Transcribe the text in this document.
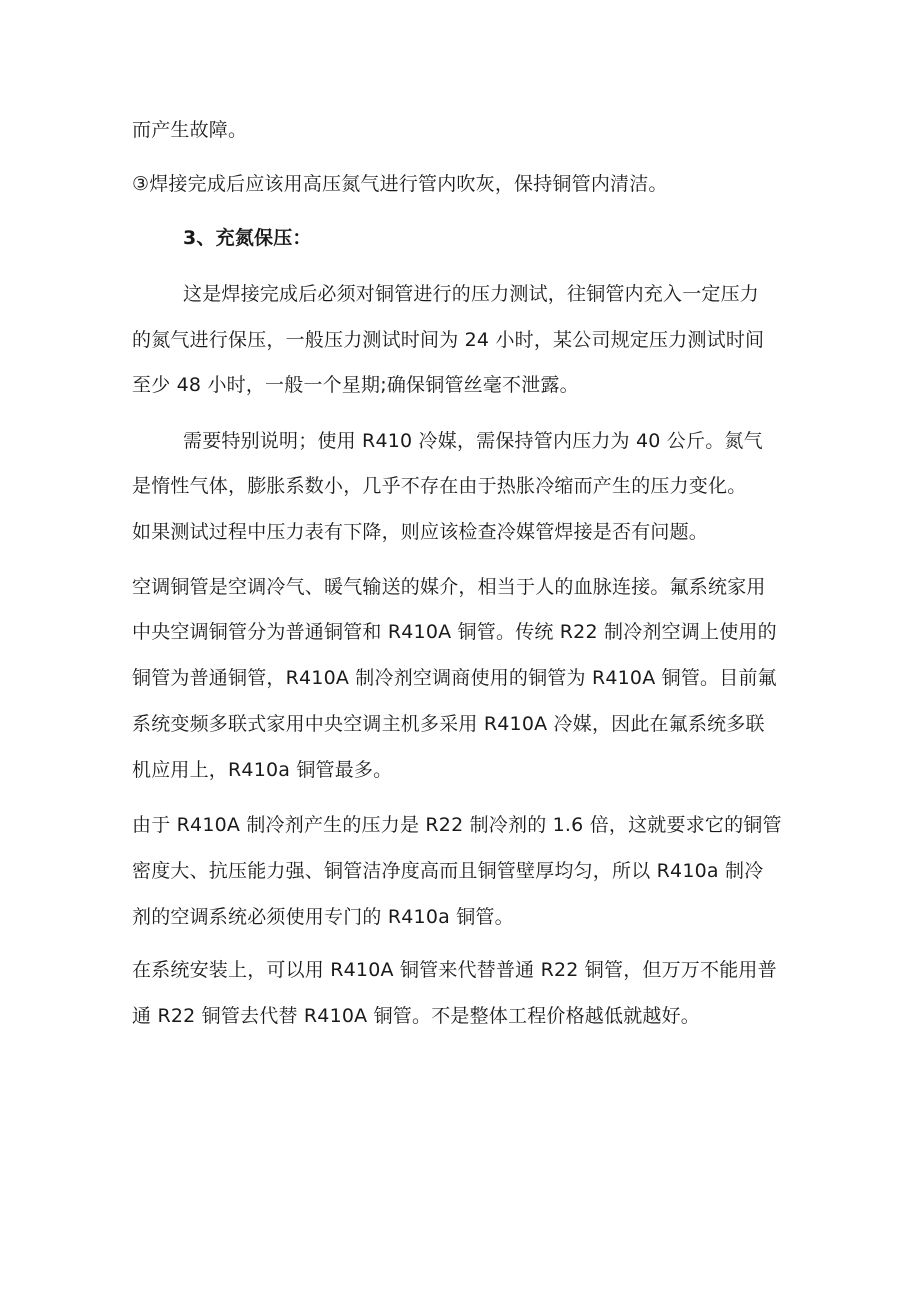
而产生故障。
③焊接完成后应该用高压氮气进行管内吹灰，保持铜管内清洁。
3、充氮保压：
这是焊接完成后必须对铜管进行的压力测试，往铜管内充入一定压力
的氮气进行保压，一般压力测试时间为 24 小时，某公司规定压力测试时间
至少 48 小时，一般一个星期;确保铜管丝毫不泄露。
需要特别说明；使用 R410 冷媒，需保持管内压力为 40 公斤。氮气
是惰性气体，膨胀系数小，几乎不存在由于热胀冷缩而产生的压力变化。
如果测试过程中压力表有下降，则应该检查冷媒管焊接是否有问题。
空调铜管是空调冷气、暖气输送的媒介，相当于人的血脉连接。氟系统家用
中央空调铜管分为普通铜管和 R410A 铜管。传统 R22 制冷剂空调上使用的
铜管为普通铜管，R410A 制冷剂空调商使用的铜管为 R410A 铜管。目前氟
系统变频多联式家用中央空调主机多采用 R410A 冷媒，因此在氟系统多联
机应用上，R410a 铜管最多。
由于 R410A 制冷剂产生的压力是 R22 制冷剂的 1.6 倍，这就要求它的铜管
密度大、抗压能力强、铜管洁净度高而且铜管壁厚均匀，所以 R410a 制冷
剂的空调系统必须使用专门的 R410a 铜管。
在系统安装上，可以用 R410A 铜管来代替普通 R22 铜管，但万万不能用普
通 R22 铜管去代替 R410A 铜管。不是整体工程价格越低就越好。
